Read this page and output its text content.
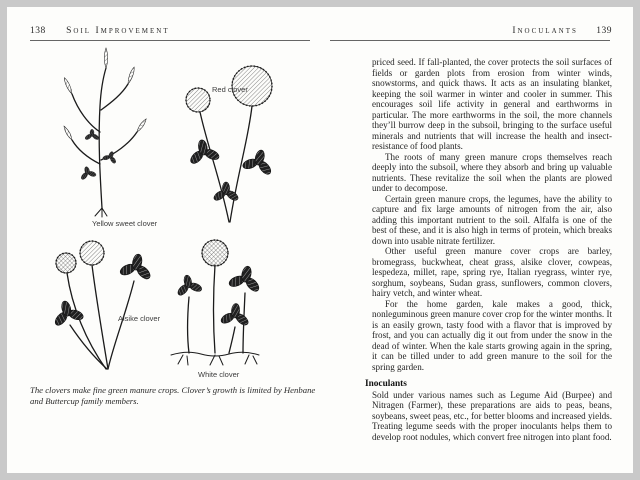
138 Soil Improvement	Inoculants 139
Red clover
Yellow sweet clover
Alsike clover
White clover
The clovers make fine green manure crops. Clover’s growth is limited by Henbane and Buttercup family members.

priced seed. If fall-planted, the cover protects the soil surfaces of fields or garden plots from erosion from winter winds, snowstorms, and quick thaws. It acts as an insulating blanket, keeping the soil warmer in winter and cooler in summer. This encourages soil life activity in general and earthworms in particular. The more earthworms in the soil, the more channels they’ll burrow deep in the subsoil, bringing to the surface useful minerals and nutrients that will increase the health and insect-resistance of food plants.

The roots of many green manure crops themselves reach deeply into the subsoil, where they absorb and bring up valuable nutrients. These revitalize the soil when the plants are plowed under to decompose.

Certain green manure crops, the legumes, have the ability to capture and fix large amounts of nitrogen from the air, also adding this important nutrient to the soil. Alfalfa is one of the best of these, and it is also high in terms of protein, which breaks down into usable nitrate fertilizer.

Other useful green manure cover crops are barley, bromegrass, buckwheat, cheat grass, alsike clover, cowpeas, lespedeza, millet, rape, spring rye, Italian ryegrass, winter rye, sorghum, soybeans, Sudan grass, sunflowers, common clovers, hairy vetch, and winter wheat.

For the home garden, kale makes a good, thick, nonleguminous green manure cover crop for the winter months. It is an easily grown, tasty food with a flavor that is improved by frost, and you can actually dig it out from under the snow in the dead of winter. When the kale starts growing again in the spring, it can be tilled under to add green manure to the soil for the spring garden.

Inoculants

Sold under various names such as Legume Aid (Burpee) and Nitragen (Farmer), these preparations are aids to peas, beans, soybeans, sweet peas, etc., for better blooms and increased yields. Treating legume seeds with the proper inoculants helps them to develop root nodules, which convert free nitrogen into plant food.
